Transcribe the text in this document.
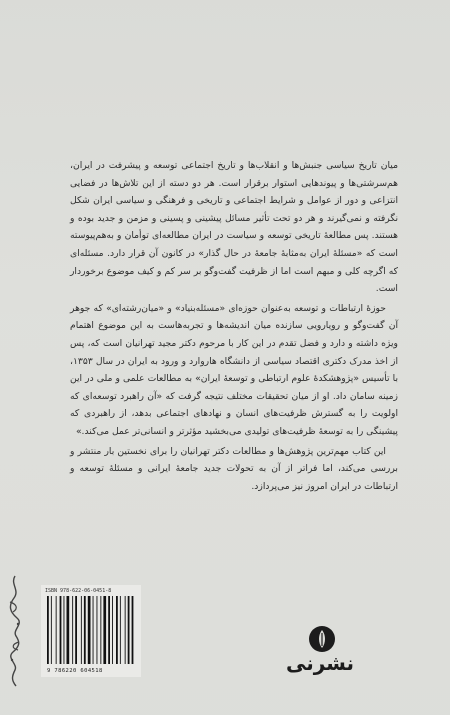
میان تاریخ سیاسی جنبش‌ها و انقلاب‌ها و تاریخ اجتماعی توسعه و پیشرفت در ایران، هم‌سرشتی‌ها و پیوندهایی استوار برقرار است. هر دو دسته از این تلاش‌ها در فضایی انتزاعی و دور از عوامل و شرایط اجتماعی و تاریخی و فرهنگی و سیاسی ایران شکل نگرفته و نمی‌گیرند و هر دو تحت تأثیر مسائل پیشینی و پسینی و مزمن و جدید بوده و هستند. پس مطالعهٔ تاریخی توسعه و سیاست در ایران مطالعه‌ای توأمان و به‌هم‌پیوسته است که «مسئلهٔ ایران به‌مثابهٔ جامعهٔ در حال گذار» در کانون آن قرار دارد. مسئله‌ای که اگرچه کلی و مبهم است اما از ظرفیت گفت‌وگو بر سر کم و کیف موضوع برخوردار است.

حوزهٔ ارتباطات و توسعه به‌عنوان حوزه‌ای «مسئله‌بنیاد» و «میان‌رشته‌ای» که جوهر آن گفت‌وگو و رویارویی سازنده میان اندیشه‌ها و تجربه‌هاست به این موضوع اهتمام ویژه داشته و دارد و فضل تقدم در این کار با مرحوم دکتر مجید تهرانیان است که، پس از اخذ مدرک دکتری اقتصاد سیاسی از دانشگاه هاروارد و ورود به ایران در سال ۱۳۵۳، با تأسیس «پژوهشکدهٔ علوم ارتباطی و توسعهٔ ایران» به مطالعات علمی و ملی در این زمینه سامان داد. او از میان تحقیقات مختلف نتیجه گرفت که «آن راهبرد توسعه‌ای که اولویت را به گسترش ظرفیت‌های انسان و نهادهای اجتماعی بدهد، از راهبردی که پیشینگی را به توسعهٔ ظرفیت‌های تولیدی می‌بخشید مؤثرتر و انسانی‌تر عمل می‌کند.»

این کتاب مهم‌ترین پژوهش‌ها و مطالعات دکتر تهرانیان را برای نخستین بار منتشر و بررسی می‌کند، اما فراتر از آن به تحولات جدید جامعهٔ ایرانی و مسئلهٔ توسعه و ارتباطات در ایران امروز نیز می‌پردازد.

ISBN 978-622-06-0451-8
9 786220 604518	نشرنی
